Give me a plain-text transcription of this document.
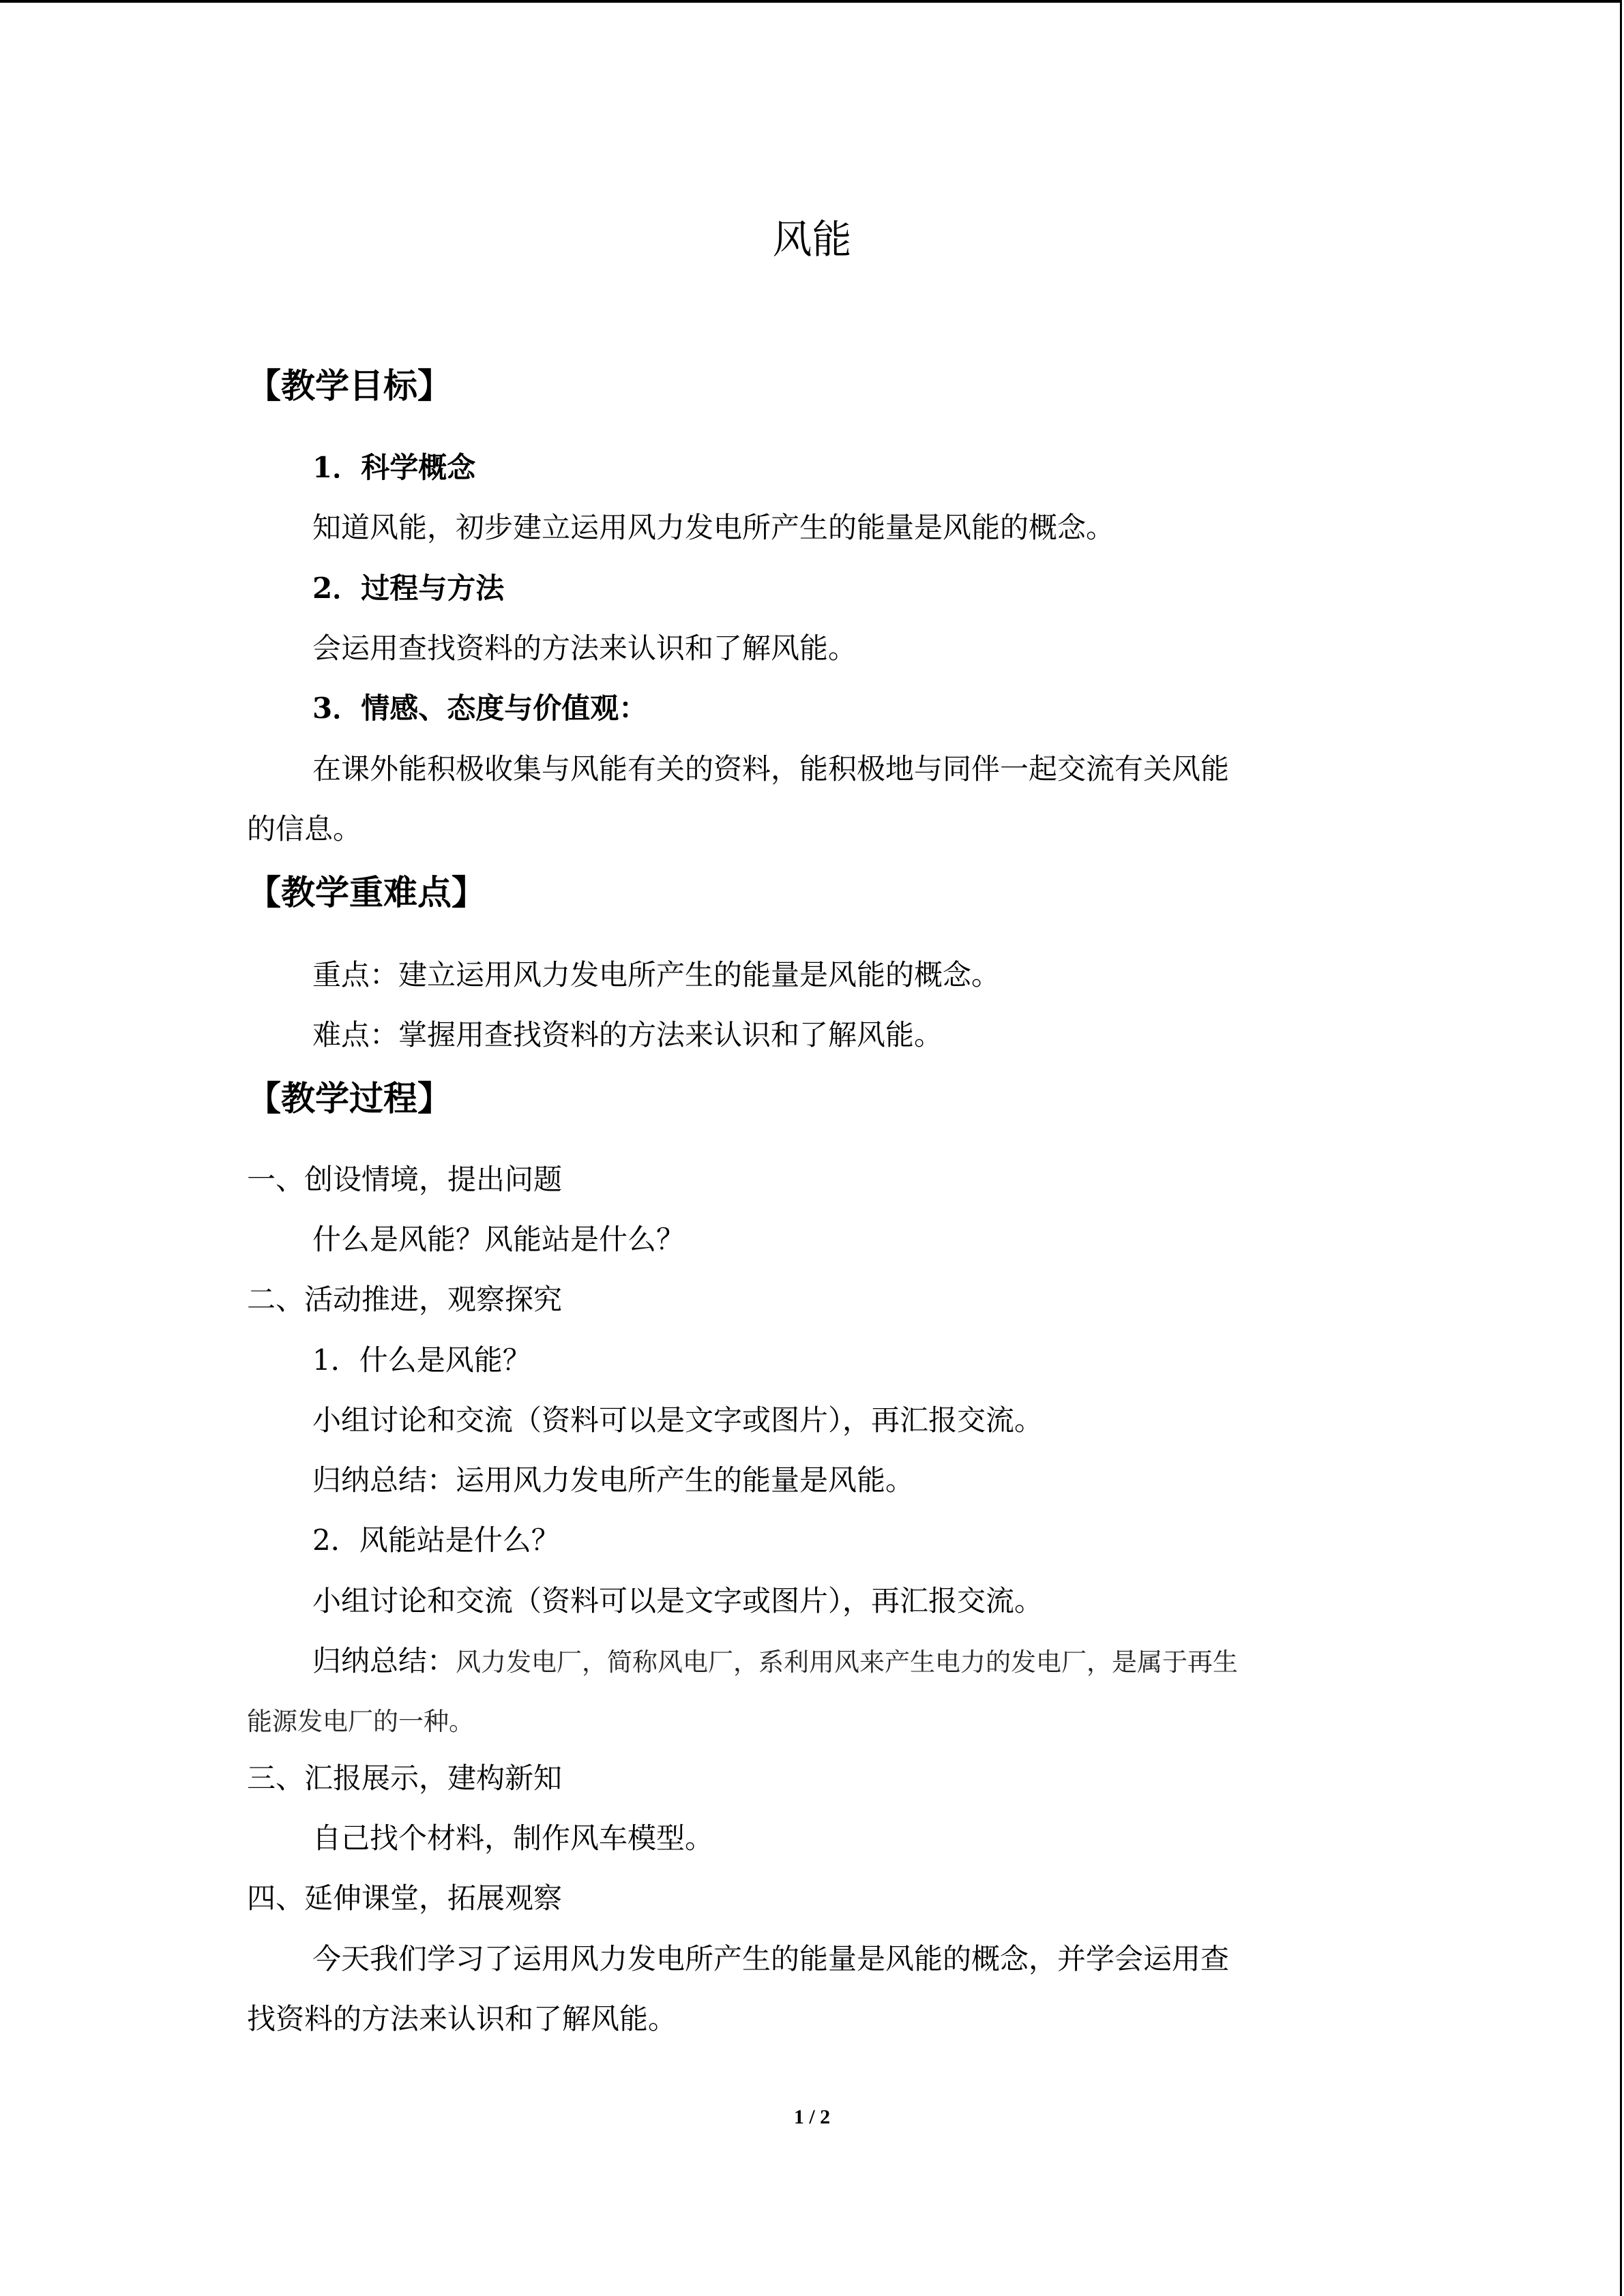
风能
【教学目标】
1．科学概念
知道风能，初步建立运用风力发电所产生的能量是风能的概念。
2．过程与方法
会运用查找资料的方法来认识和了解风能。
3．情感、态度与价值观：
在课外能积极收集与风能有关的资料，能积极地与同伴一起交流有关风能
的信息。
【教学重难点】
重点：建立运用风力发电所产生的能量是风能的概念。
难点：掌握用查找资料的方法来认识和了解风能。
【教学过程】
一、创设情境，提出问题
什么是风能？风能站是什么？
二、活动推进，观察探究
1．什么是风能？
小组讨论和交流（资料可以是文字或图片），再汇报交流。
归纳总结：运用风力发电所产生的能量是风能。
2．风能站是什么？
小组讨论和交流（资料可以是文字或图片），再汇报交流。
归纳总结：风力发电厂，简称风电厂，系利用风来产生电力的发电厂，是属于再生
能源发电厂的一种。
三、汇报展示，建构新知
自己找个材料，制作风车模型。
四、延伸课堂，拓展观察
今天我们学习了运用风力发电所产生的能量是风能的概念，并学会运用查
找资料的方法来认识和了解风能。
1 / 2
